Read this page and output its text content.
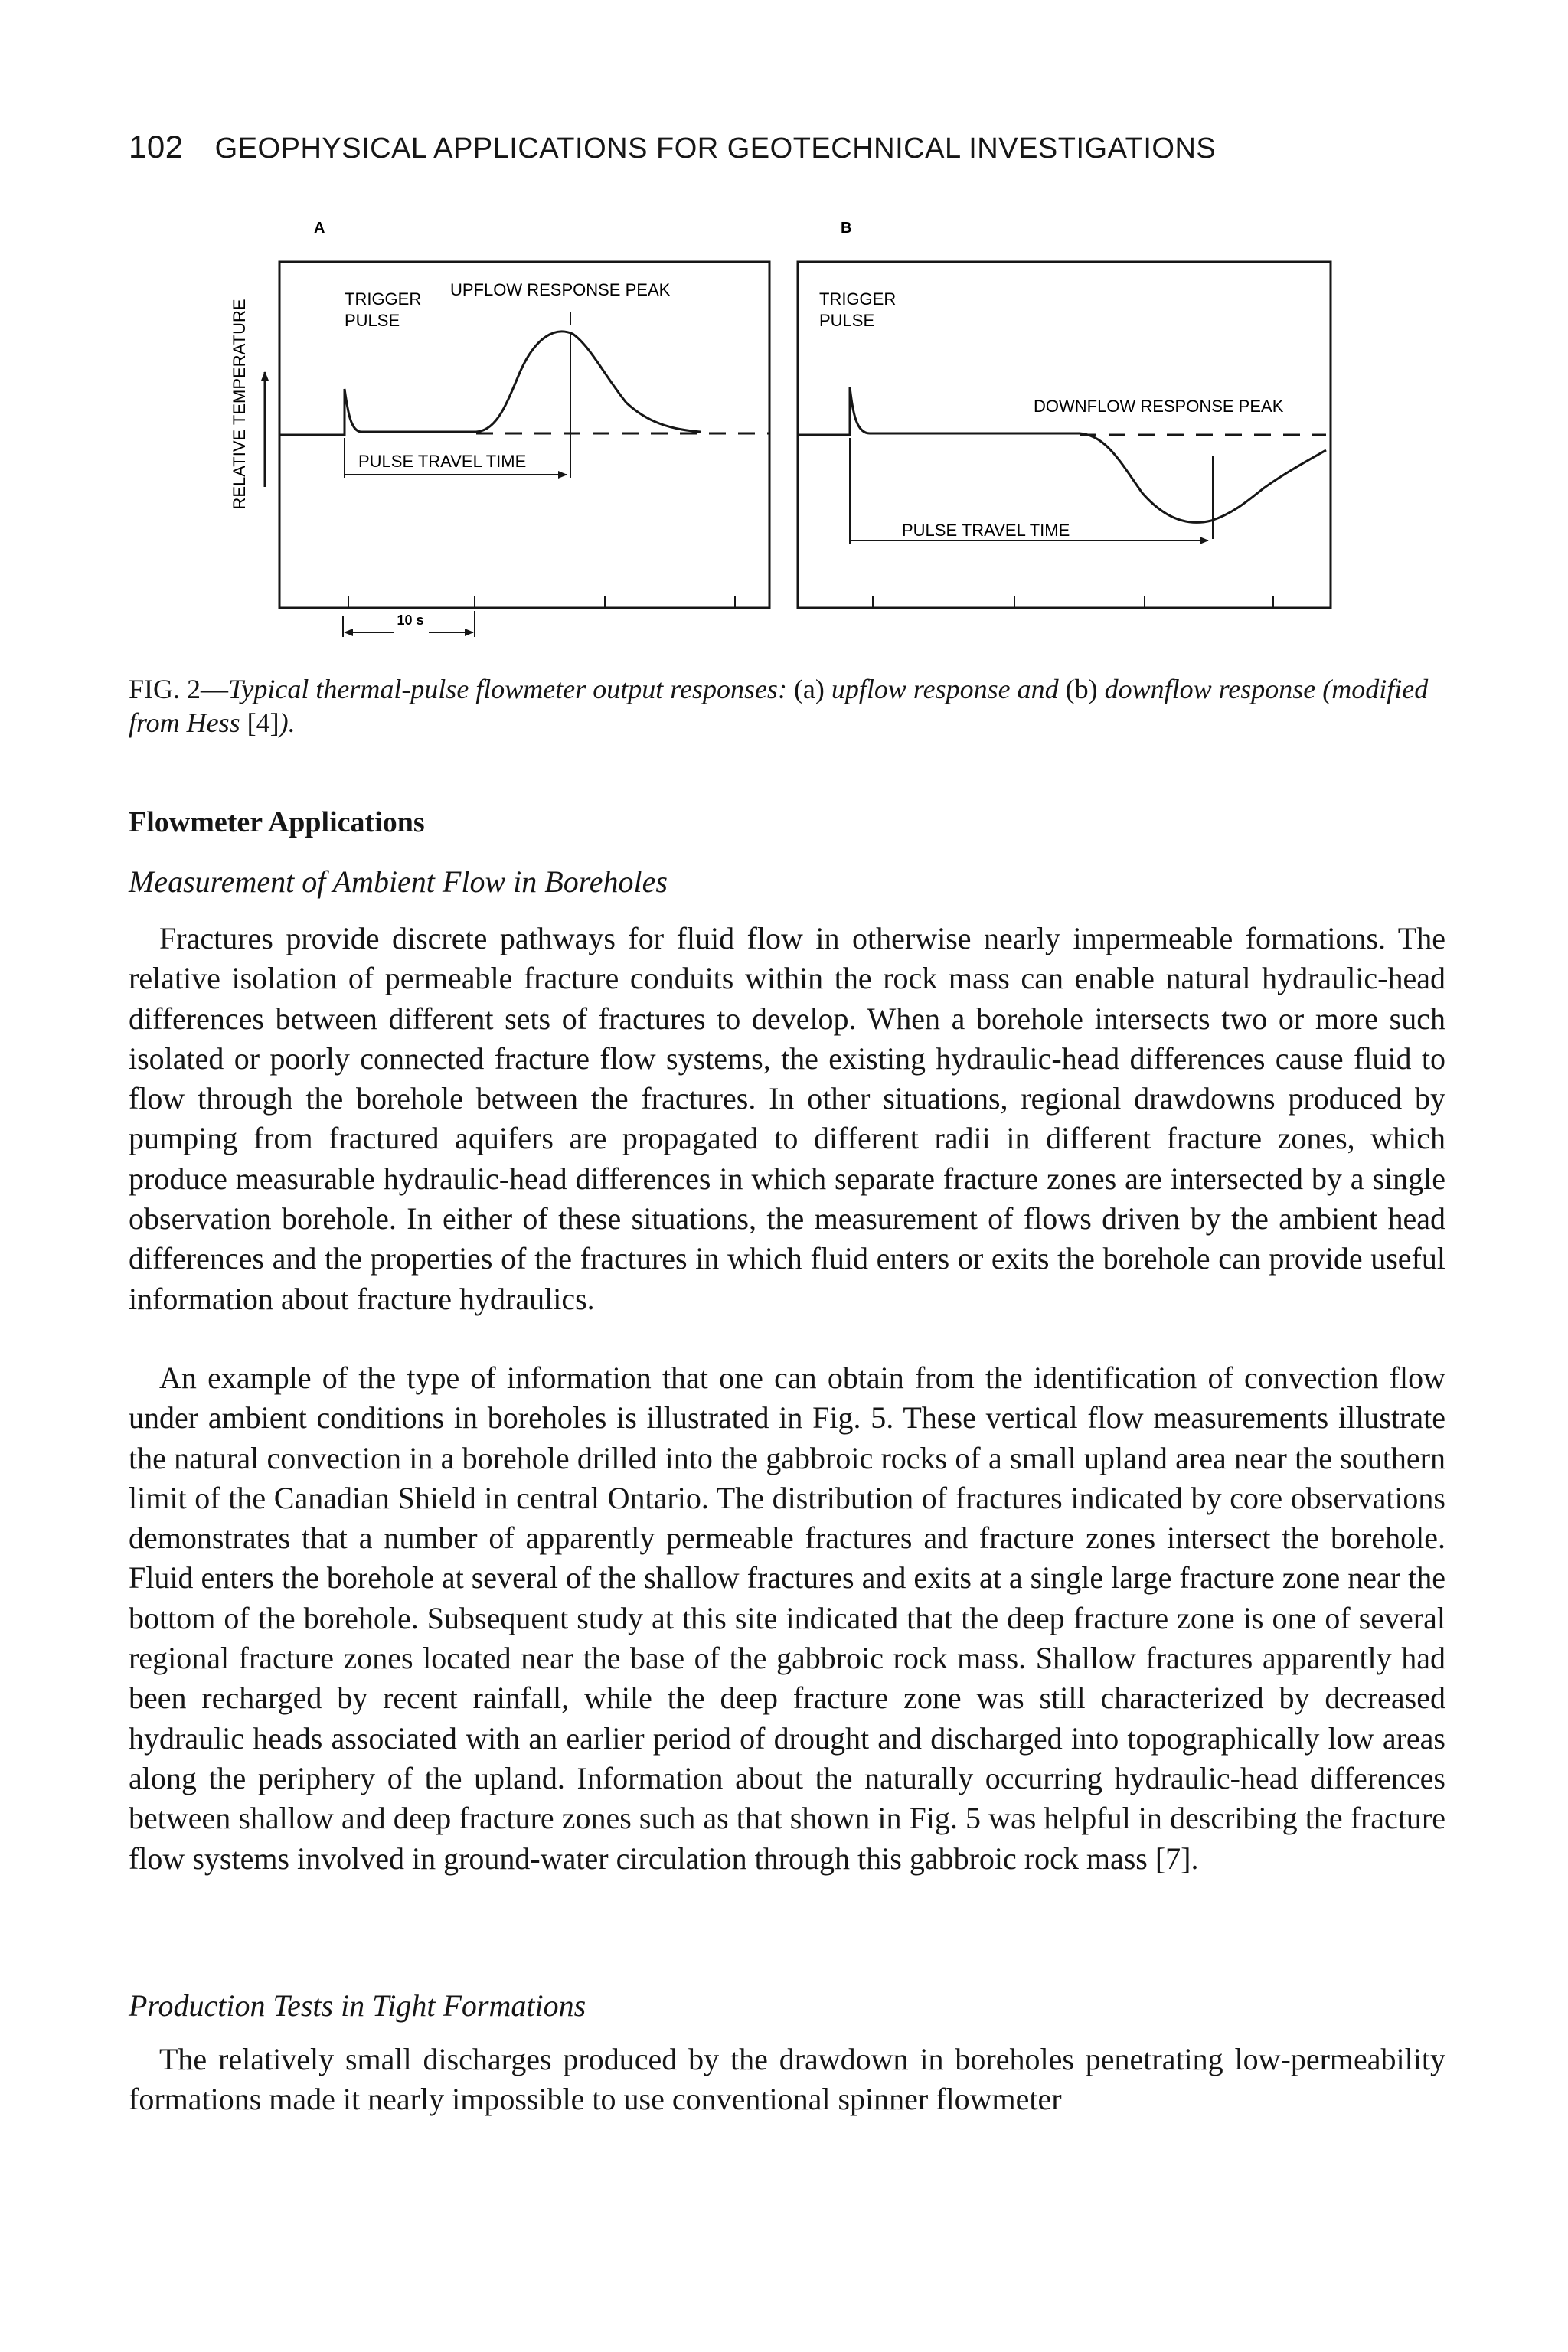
102 GEOPHYSICAL APPLICATIONS FOR GEOTECHNICAL INVESTIGATIONS
A	B
RELATIVE TEMPERATURE	TRIGGER
PULSE
UPFLOW RESPONSE PEAK
PULSE TRAVEL TIME
TRIGGER
PULSE
DOWNFLOW RESPONSE PEAK
PULSE TRAVEL TIME
10 s
FIG. 2—Typical thermal-pulse flowmeter output responses: (a) upflow response and (b) downflow response (modified from Hess [4]).
Flowmeter Applications
Measurement of Ambient Flow in Boreholes

Fractures provide discrete pathways for fluid flow in otherwise nearly impermeable formations. The relative isolation of permeable fracture conduits within the rock mass can enable natural hydraulic-head differences between different sets of fractures to develop. When a borehole intersects two or more such isolated or poorly connected fracture flow systems, the existing hydraulic-head differences cause fluid to flow through the borehole between the fractures. In other situations, regional drawdowns produced by pumping from fractured aquifers are propagated to different radii in different fracture zones, which produce measurable hydraulic-head differences in which separate fracture zones are intersected by a single observation borehole. In either of these situations, the measurement of flows driven by the ambient head differences and the properties of the fractures in which fluid enters or exits the borehole can provide useful information about fracture hydraulics.

An example of the type of information that one can obtain from the identification of convection flow under ambient conditions in boreholes is illustrated in Fig. 5. These vertical flow measurements illustrate the natural convection in a borehole drilled into the gabbroic rocks of a small upland area near the southern limit of the Canadian Shield in central Ontario. The distribution of fractures indicated by core observations demonstrates that a number of apparently permeable fractures and fracture zones intersect the borehole. Fluid enters the borehole at several of the shallow fractures and exits at a single large fracture zone near the bottom of the borehole. Subsequent study at this site indicated that the deep fracture zone is one of several regional fracture zones located near the base of the gabbroic rock mass. Shallow fractures apparently had been recharged by recent rainfall, while the deep fracture zone was still characterized by decreased hydraulic heads associated with an earlier period of drought and discharged into topographically low areas along the periphery of the upland. Information about the naturally occurring hydraulic-head differences between shallow and deep fracture zones such as that shown in Fig. 5 was helpful in describing the fracture flow systems involved in ground-water circulation through this gabbroic rock mass [7].

Production Tests in Tight Formations

The relatively small discharges produced by the drawdown in boreholes penetrating low-permeability formations made it nearly impossible to use conventional spinner flowmeter
